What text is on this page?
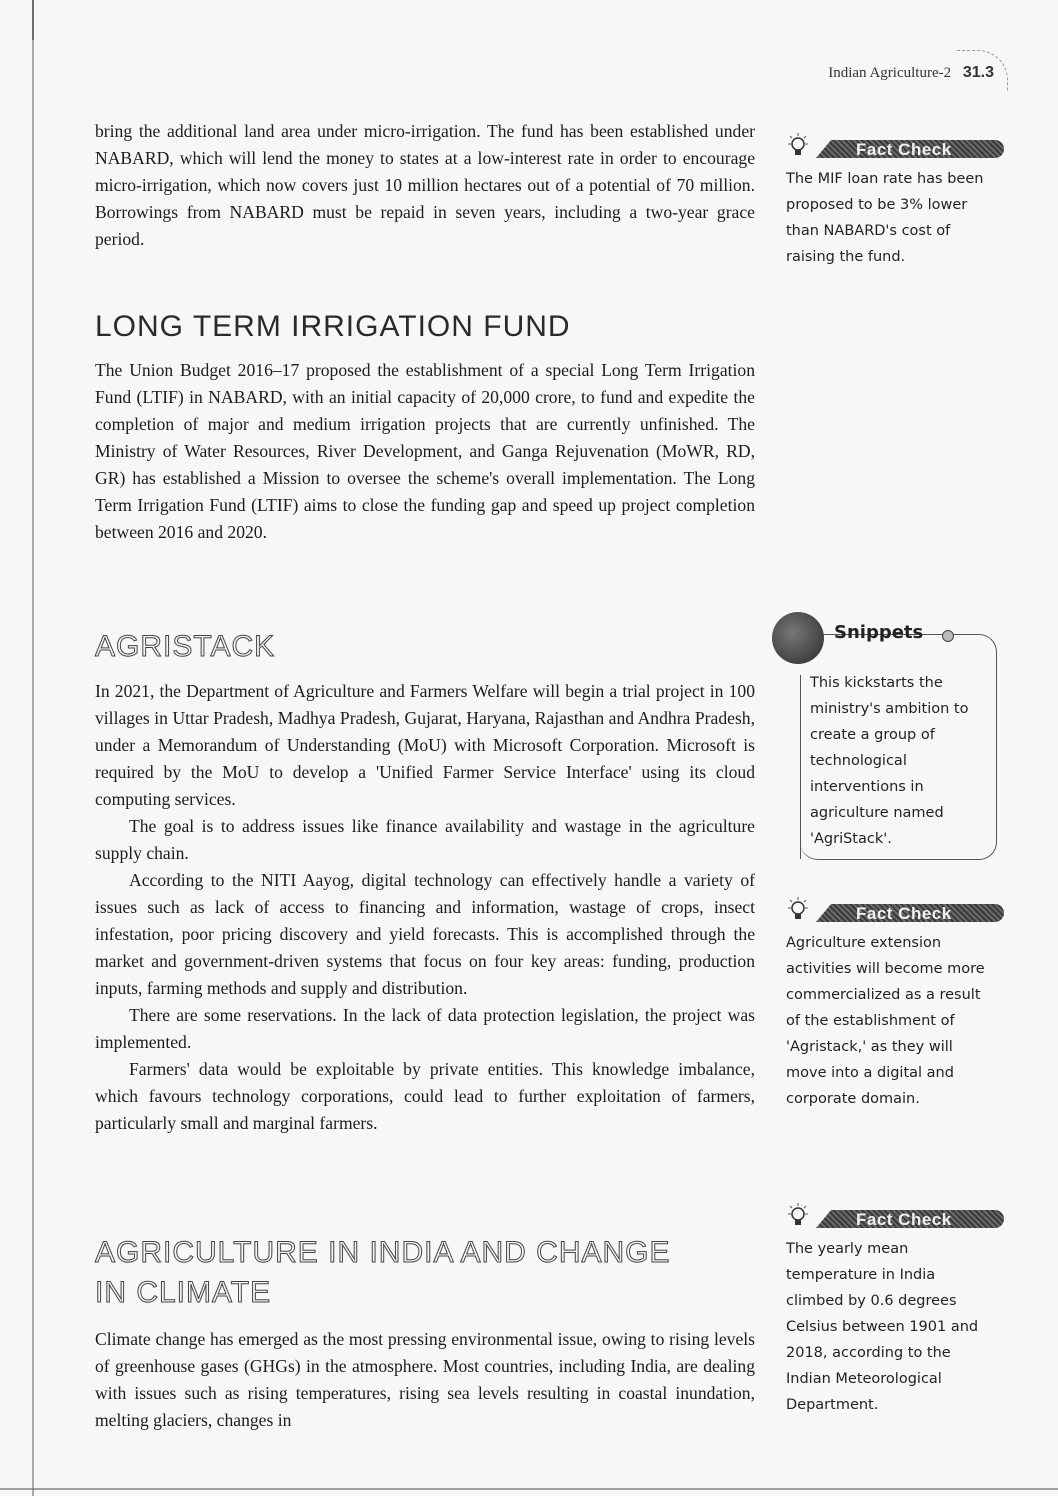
Indian Agriculture-2 31.3

bring the additional land area under micro-irrigation. The fund has been established under NABARD, which will lend the money to states at a low-interest rate in order to encourage micro-irrigation, which now covers just 10 million hectares out of a potential of 70 million. Borrowings from NABARD must be repaid in seven years, including a two-year grace period.

LONG TERM IRRIGATION FUND

The Union Budget 2016–17 proposed the establishment of a special Long Term Irrigation Fund (LTIF) in NABARD, with an initial capacity of 20,000 crore, to fund and expedite the completion of major and medium irrigation projects that are currently unfinished. The Ministry of Water Resources, River Development, and Ganga Rejuvenation (MoWR, RD, GR) has established a Mission to oversee the scheme's overall implementation. The Long Term Irrigation Fund (LTIF) aims to close the funding gap and speed up project completion between 2016 and 2020.

AGRISTACK

In 2021, the Department of Agriculture and Farmers Welfare will begin a trial project in 100 villages in Uttar Pradesh, Madhya Pradesh, Gujarat, Haryana, Rajasthan and Andhra Pradesh, under a Memorandum of Understanding (MoU) with Microsoft Corporation. Microsoft is required by the MoU to develop a 'Unified Farmer Service Interface' using its cloud computing services.

The goal is to address issues like finance availability and wastage in the agriculture supply chain.

According to the NITI Aayog, digital technology can effectively handle a variety of issues such as lack of access to financing and information, wastage of crops, insect infestation, poor pricing discovery and yield forecasts. This is accomplished through the market and government-driven systems that focus on four key areas: funding, production inputs, farming methods and supply and distribution.

There are some reservations. In the lack of data protection legislation, the project was implemented.

Farmers' data would be exploitable by private entities. This knowledge imbalance, which favours technology corporations, could lead to further exploitation of farmers, particularly small and marginal farmers.

AGRICULTURE IN INDIA AND CHANGE
IN CLIMATE

Climate change has emerged as the most pressing environmental issue, owing to rising levels of greenhouse gases (GHGs) in the atmosphere. Most countries, including India, are dealing with issues such as rising temperatures, rising sea levels resulting in coastal inundation, melting glaciers, changes in

Fact Check
The MIF loan rate has been proposed to be 3% lower than NABARD's cost of raising the fund.
Snippets
This kickstarts the ministry's ambition to create a group of technological interventions in agriculture named 'AgriStack'.
Fact Check
Agriculture extension activities will become more commercialized as a result of the establishment of 'Agristack,' as they will move into a digital and corporate domain.
Fact Check
The yearly mean temperature in India climbed by 0.6 degrees Celsius between 1901 and 2018, according to the Indian Meteorological Department.
